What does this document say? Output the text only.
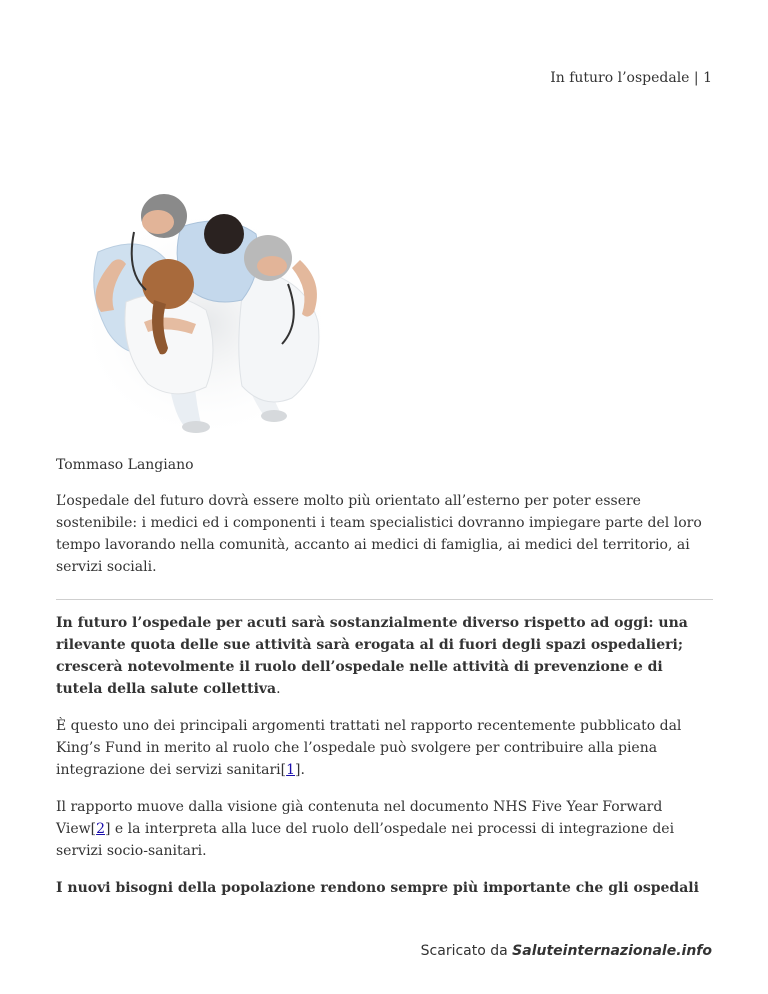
In futuro l’ospedale | 1

Tommaso Langiano

L’ospedale del futuro dovrà essere molto più orientato all’esterno per poter essere sostenibile: i medici ed i componenti i team specialistici dovranno impiegare parte del loro tempo lavorando nella comunità, accanto ai medici di famiglia, ai medici del territorio, ai servizi sociali.

In futuro l’ospedale per acuti sarà sostanzialmente diverso rispetto ad oggi: una rilevante quota delle sue attività sarà erogata al di fuori degli spazi ospedalieri; crescerà notevolmente il ruolo dell’ospedale nelle attività di prevenzione e di tutela della salute collettiva.

È questo uno dei principali argomenti trattati nel rapporto recentemente pubblicato dal King’s Fund in merito al ruolo che l’ospedale può svolgere per contribuire alla piena integrazione dei servizi sanitari[1].

Il rapporto muove dalla visione già contenuta nel documento NHS Five Year Forward View[2] e la interpreta alla luce del ruolo dell’ospedale nei processi di integrazione dei servizi socio-sanitari.

I nuovi bisogni della popolazione rendono sempre più importante che gli ospedali

Scaricato da Saluteinternazionale.info
